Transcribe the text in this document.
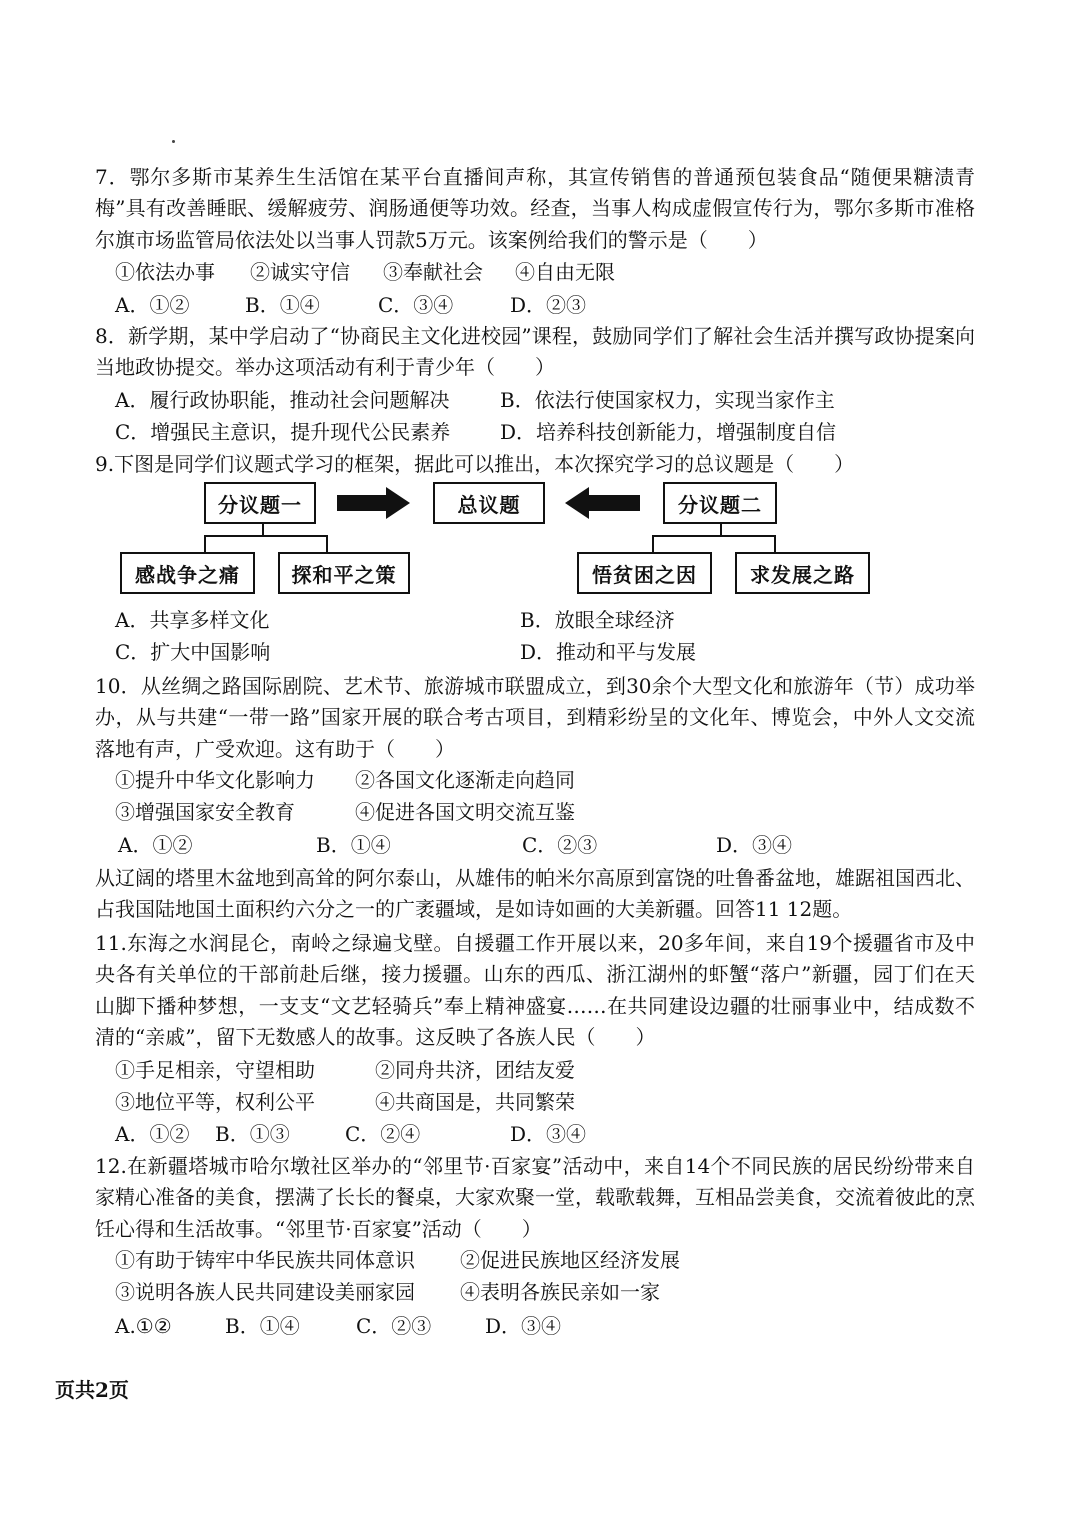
7．鄂尔多斯市某养生生活馆在某平台直播间声称，其宣传销售的普通预包装食品“随便果糖渍青梅”具有改善睡眠、缓解疲劳、润肠通便等功效。经查，当事人构成虚假宣传行为，鄂尔多斯市准格尔旗市场监管局依法处以当事人罚款5万元。该案例给我们的警示是（　　）
①依法办事 ②诚实守信 ③奉献社会 ④自由无限
A．①②	B．①④	C．③④	D．②③
8．新学期，某中学启动了“协商民主文化进校园”课程，鼓励同学们了解社会生活并撰写政协提案向当地政协提交。举办这项活动有利于青少年（　　）
A．履行政协职能，推动社会问题解决	B．依法行使国家权力，实现当家作主
C．增强民主意识，提升现代公民素养 D．培养科技创新能力，增强制度自信
9.下图是同学们议题式学习的框架，据此可以推出，本次探究学习的总议题是（　　）
分议题一	总议题	分议题二
感战争之痛	探和平之策	悟贫困之因	求发展之路
A．共享多样文化	B．放眼全球经济
C．扩大中国影响	D．推动和平与发展
10．从丝绸之路国际剧院、艺术节、旅游城市联盟成立，到30余个大型文化和旅游年（节）成功举办，从与共建“一带一路”国家开展的联合考古项目，到精彩纷呈的文化年、博览会，中外人文交流落地有声，广受欢迎。这有助于（　　）
①提升中华文化影响力 ②各国文化逐渐走向趋同
③增强国家安全教育	④促进各国文明交流互鉴
A．①②	B．①④	C．②③	D．③④
从辽阔的塔里木盆地到高耸的阿尔泰山，从雄伟的帕米尔高原到富饶的吐鲁番盆地，雄踞祖国西北、占我国陆地国土面积约六分之一的广袤疆域，是如诗如画的大美新疆。回答11 12题。
11.东海之水润昆仑，南岭之绿遍戈壁。自援疆工作开展以来，20多年间，来自19个援疆省市及中央各有关单位的干部前赴后继，接力援疆。山东的西瓜、浙江湖州的虾蟹“落户”新疆，园丁们在天山脚下播种梦想，一支支“文艺轻骑兵”奉上精神盛宴……在共同建设边疆的壮丽事业中，结成数不清的“亲戚”，留下无数感人的故事。这反映了各族人民（　　）
①手足相亲，守望相助	②同舟共济，团结友爱
③地位平等，权利公平	④共商国是，共同繁荣
A．①② B．①③	C．②④	D．③④
12.在新疆塔城市哈尔墩社区举办的“邻里节·百家宴”活动中，来自14个不同民族的居民纷纷带来自家精心准备的美食，摆满了长长的餐桌，大家欢聚一堂，载歌载舞，互相品尝美食，交流着彼此的烹饪心得和生活故事。“邻里节·百家宴”活动（　　）
①有助于铸牢中华民族共同体意识 ②促进民族地区经济发展
③说明各族人民共同建设美丽家园 ④表明各族民亲如一家
A.①②	B．①④	C．②③	D．③④
页共2页
